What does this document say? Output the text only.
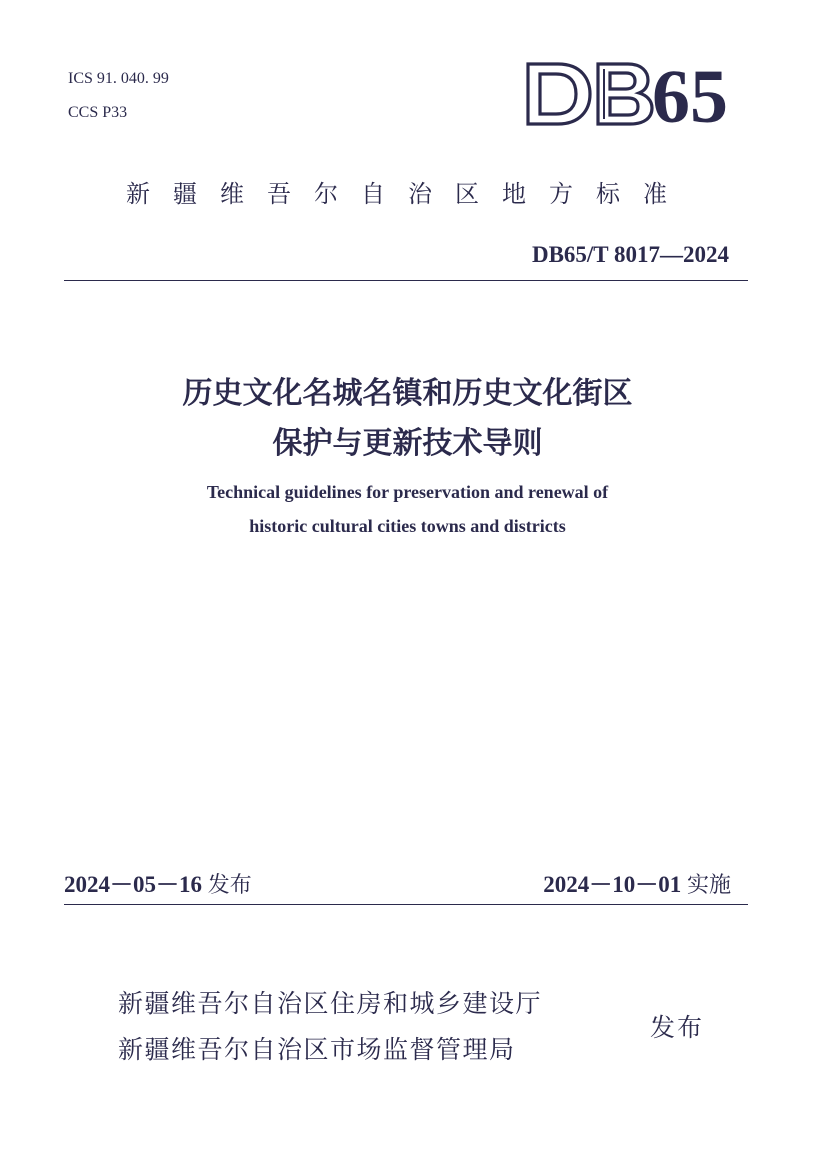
ICS 91. 040. 99
CCS P33	65
新疆维吾尔自治区地方标准
DB65/T 8017—2024
历史文化名城名镇和历史文化街区
保护与更新技术导则
Technical guidelines for preservation and renewal of
historic cultural cities towns and districts
2024－05－16 发布	2024－10－01 实施
新疆维吾尔自治区住房和城乡建设厅
新疆维吾尔自治区市场监督管理局
发布
